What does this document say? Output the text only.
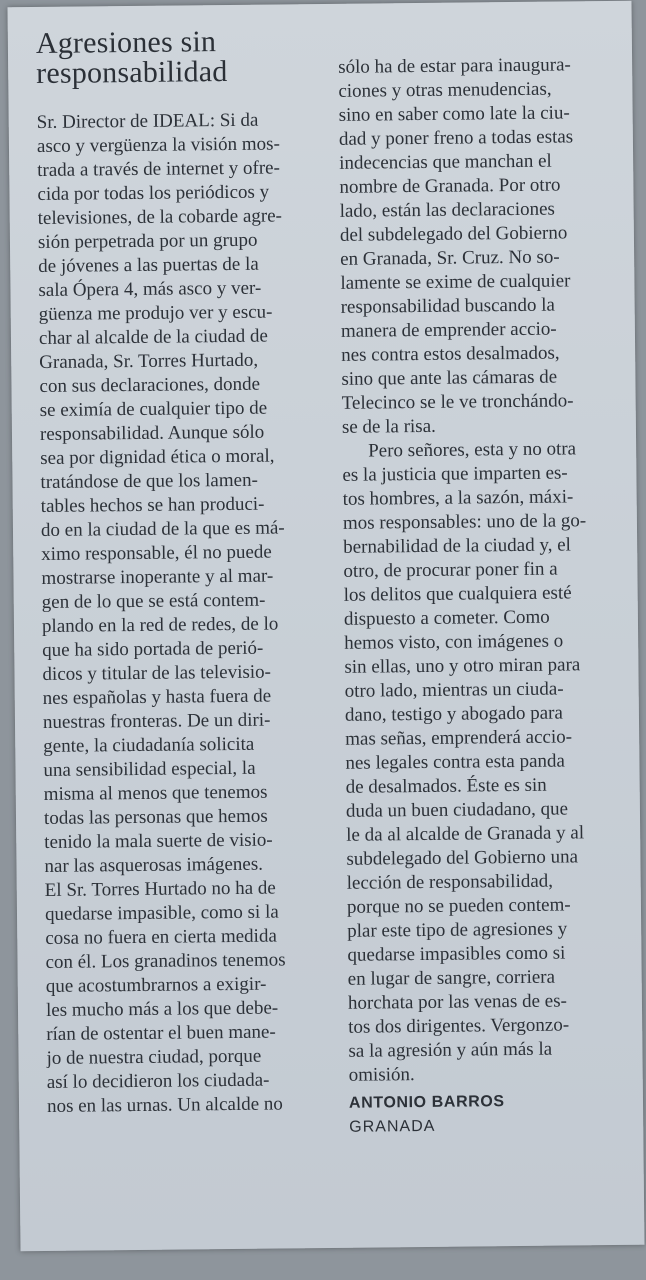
Agresiones sin
responsabilidad
Sr. Director de IDEAL: Si da
asco y vergüenza la visión mos-
trada a través de internet y ofre-
cida por todas los periódicos y
televisiones, de la cobarde agre-
sión perpetrada por un grupo
de jóvenes a las puertas de la
sala Ópera 4, más asco y ver-
güenza me produjo ver y escu-
char al alcalde de la ciudad de
Granada, Sr. Torres Hurtado,
con sus declaraciones, donde
se eximía de cualquier tipo de
responsabilidad. Aunque sólo
sea por dignidad ética o moral,
tratándose de que los lamen-
tables hechos se han produci-
do en la ciudad de la que es má-
ximo responsable, él no puede
mostrarse inoperante y al mar-
gen de lo que se está contem-
plando en la red de redes, de lo
que ha sido portada de perió-
dicos y titular de las televisio-
nes españolas y hasta fuera de
nuestras fronteras. De un diri-
gente, la ciudadanía solicita
una sensibilidad especial, la
misma al menos que tenemos
todas las personas que hemos
tenido la mala suerte de visio-
nar las asquerosas imágenes.
El Sr. Torres Hurtado no ha de
quedarse impasible, como si la
cosa no fuera en cierta medida
con él. Los granadinos tenemos
que acostumbrarnos a exigir-
les mucho más a los que debe-
rían de ostentar el buen mane-
jo de nuestra ciudad, porque
así lo decidieron los ciudada-
nos en las urnas. Un alcalde no
sólo ha de estar para inaugura-
ciones y otras menudencias,
sino en saber como late la ciu-
dad y poner freno a todas estas
indecencias que manchan el
nombre de Granada. Por otro
lado, están las declaraciones
del subdelegado del Gobierno
en Granada, Sr. Cruz. No so-
lamente se exime de cualquier
responsabilidad buscando la
manera de emprender accio-
nes contra estos desalmados,
sino que ante las cámaras de
Telecinco se le ve tronchándo-
se de la risa.
Pero señores, esta y no otra
es la justicia que imparten es-
tos hombres, a la sazón, máxi-
mos responsables: uno de la go-
bernabilidad de la ciudad y, el
otro, de procurar poner fin a
los delitos que cualquiera esté
dispuesto a cometer. Como
hemos visto, con imágenes o
sin ellas, uno y otro miran para
otro lado, mientras un ciuda-
dano, testigo y abogado para
mas señas, emprenderá accio-
nes legales contra esta panda
de desalmados. Éste es sin
duda un buen ciudadano, que
le da al alcalde de Granada y al
subdelegado del Gobierno una
lección de responsabilidad,
porque no se pueden contem-
plar este tipo de agresiones y
quedarse impasibles como si
en lugar de sangre, corriera
horchata por las venas de es-
tos dos dirigentes. Vergonzo-
sa la agresión y aún más la
omisión.
ANTONIO BARROS
GRANADA
